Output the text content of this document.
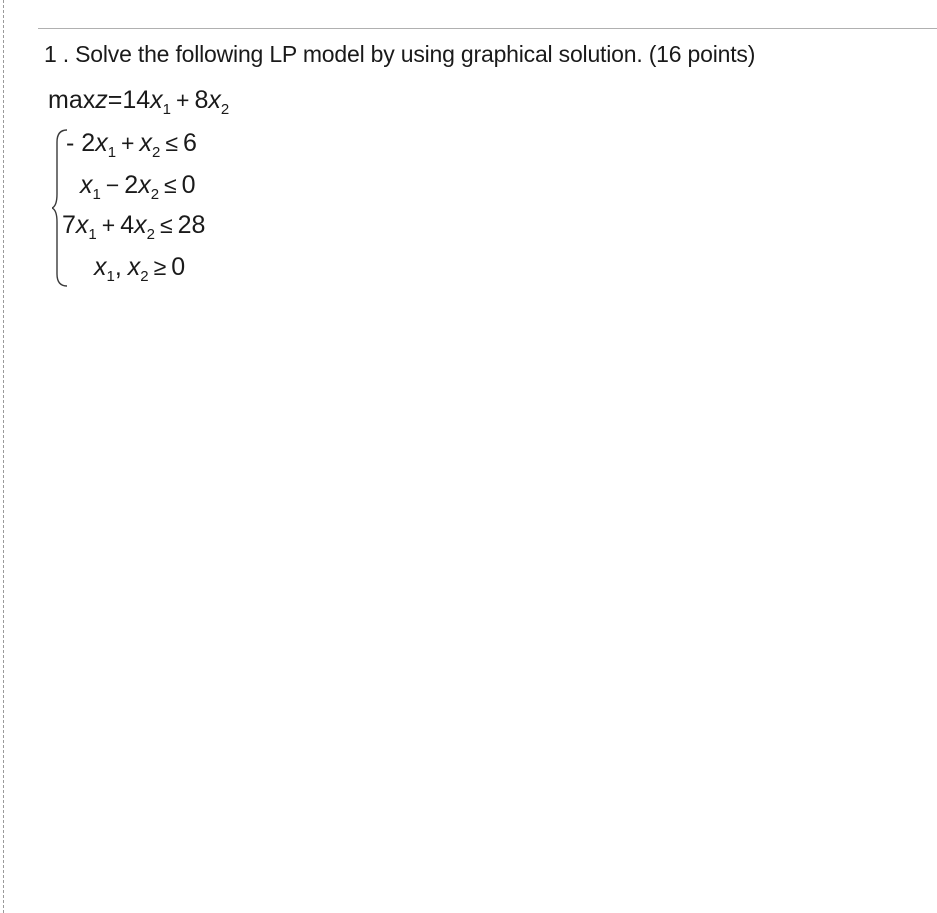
1 . Solve the following LP model by using graphical solution. (16 points)
$\max z=14x_1 + 8x_2$
- $2x_1 + x_2 \le 6$
$x_1 - 2x_2 \le 0$
$7x_1 + 4x_2 \le 28$
$x_1$, $x_2 \ge 0$
